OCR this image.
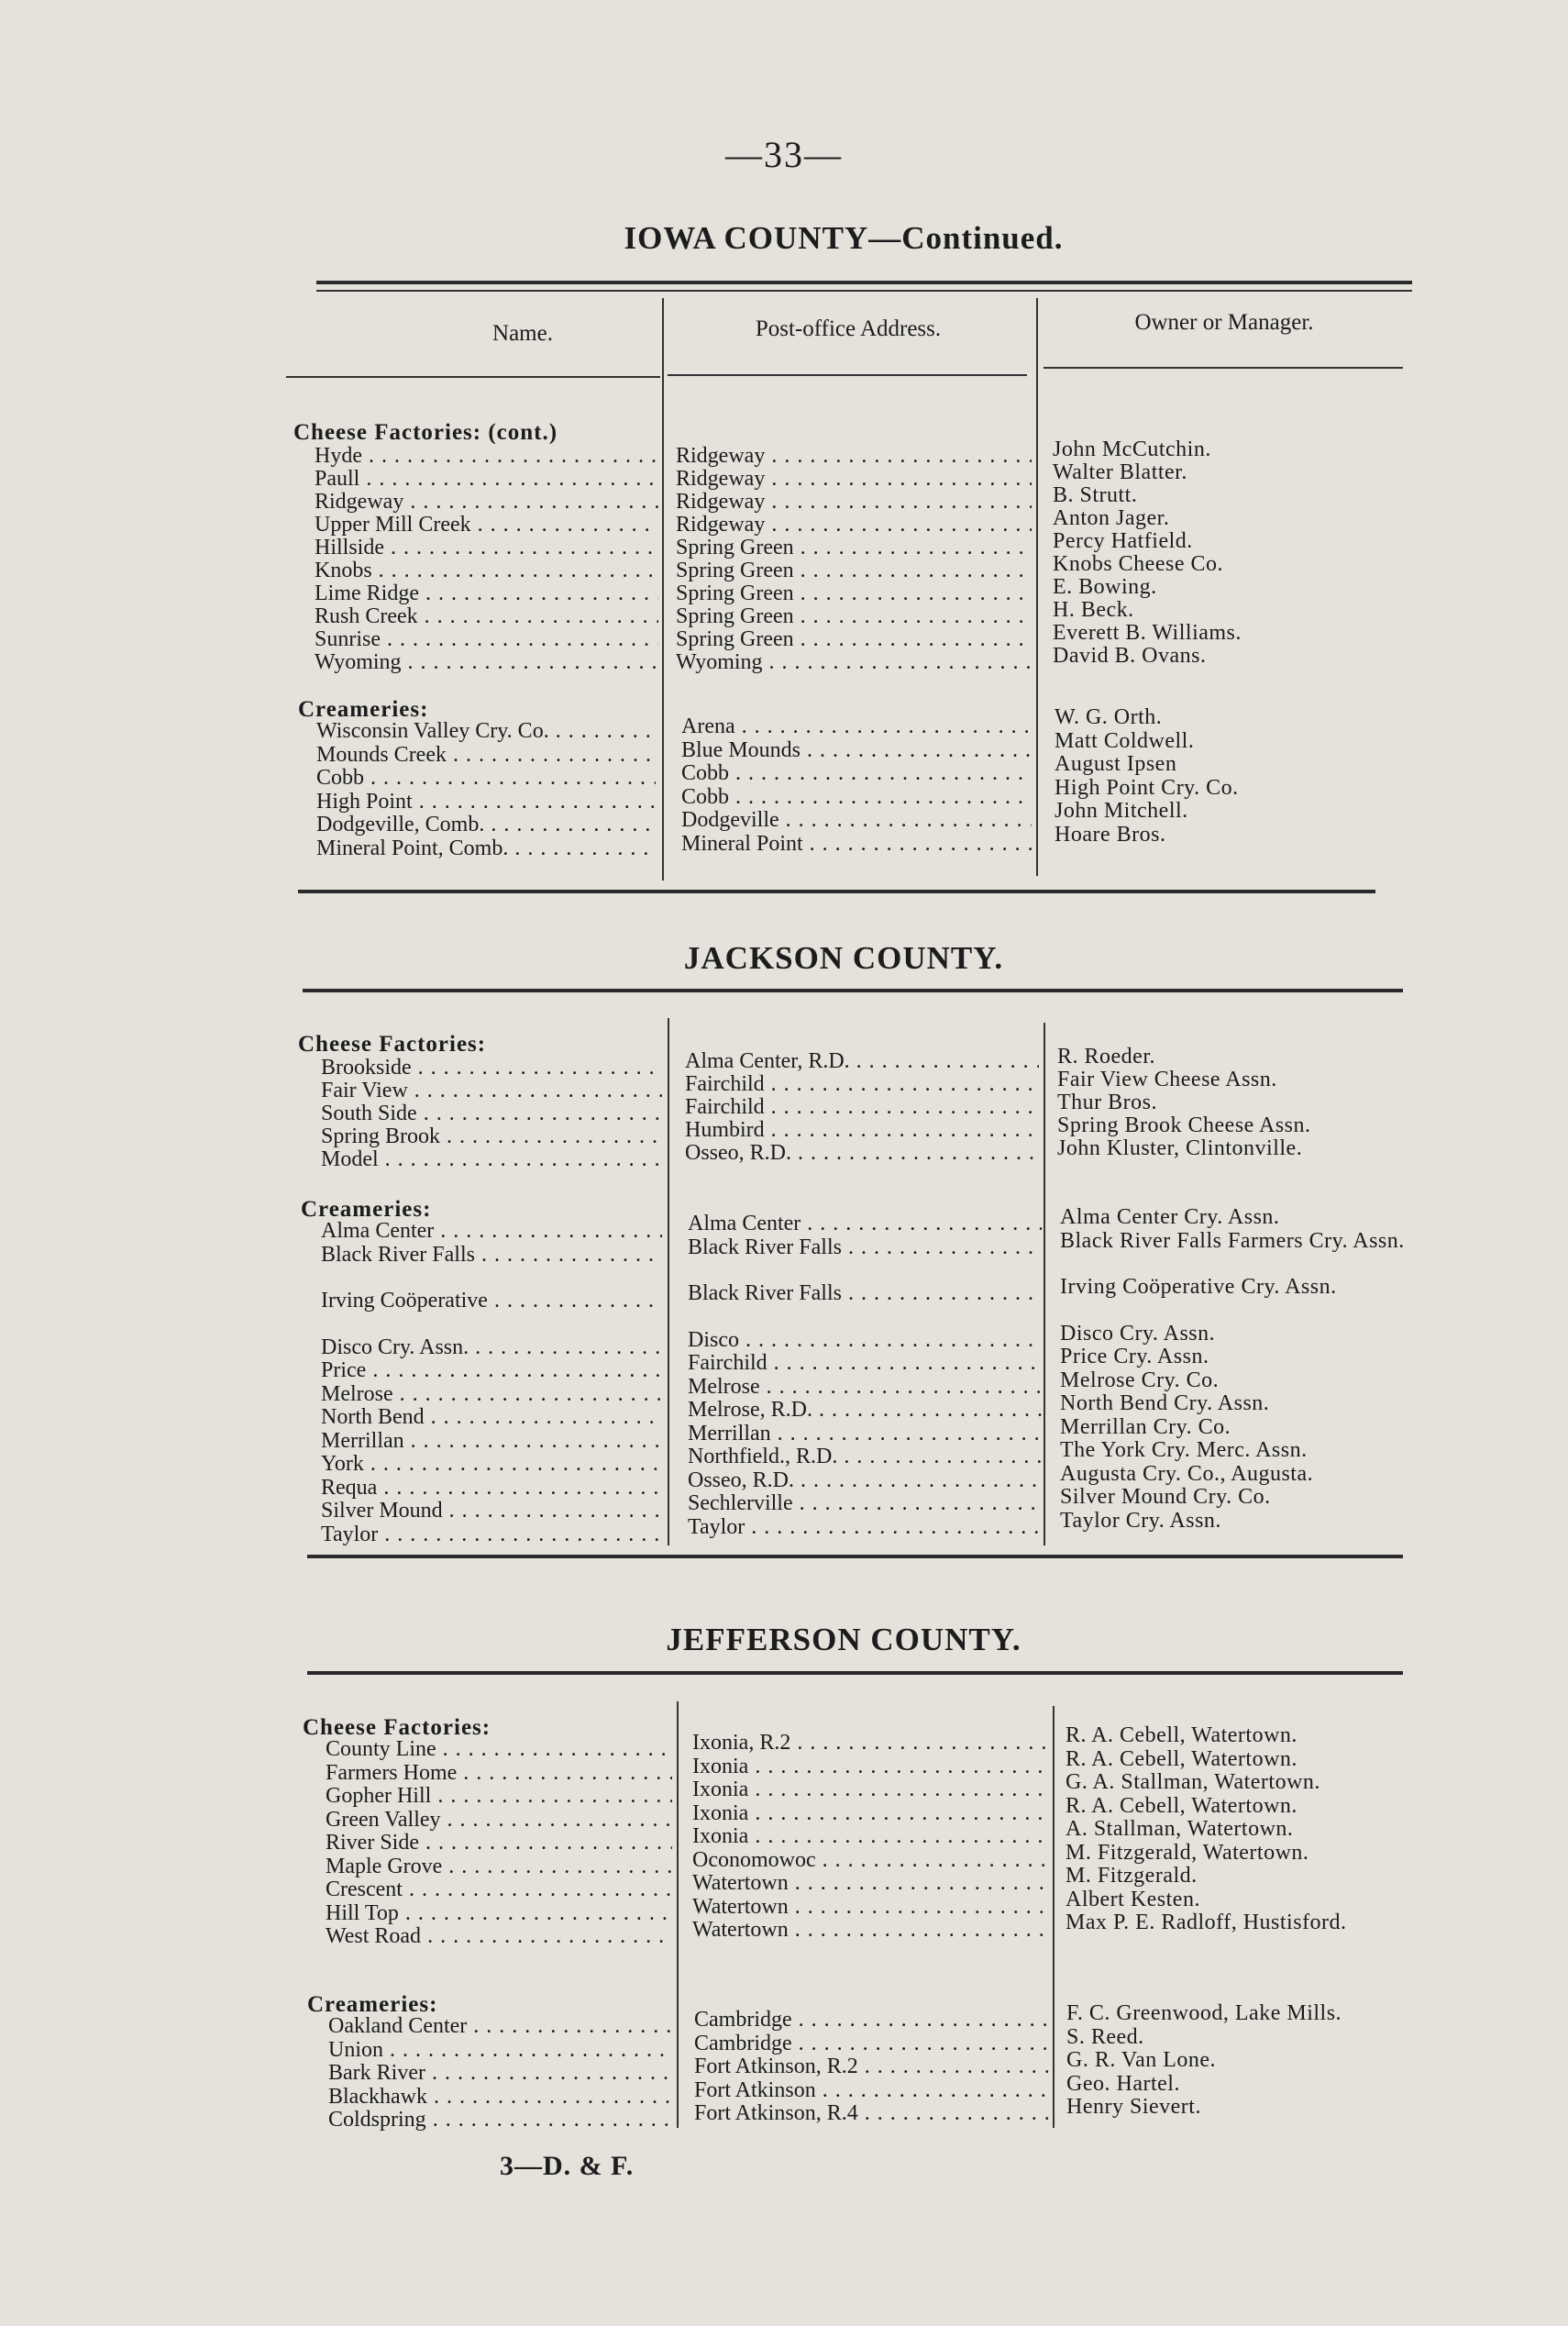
—33—
IOWA COUNTY—Continued.
Name.	Post-office Address.	Owner or Manager.
Cheese Factories: (cont.)
Hyde . . .	Ridgeway . . .	John McCutchin.
Paull . . .	Ridgeway . . .	Walter Blatter.
Ridgeway . . .	Ridgeway . . .	B. Strutt.
Upper Mill Creek . . .	Ridgeway . . .	Anton Jager.
Hillside . . .	Spring Green . . .	Percy Hatfield.
Knobs . . .	Spring Green . . .	Knobs Cheese Co.
Lime Ridge . . .	Spring Green . . .	E. Bowing.
Rush Creek . . .	Spring Green . . .	H. Beck.
Sunrise . . .	Spring Green . . .	Everett B. Williams.
Wyoming . . .	Wyoming . . .	David B. Ovans.
Creameries:
Wisconsin Valley Cry. Co. . . .	Arena . . .	W. G. Orth.
Mounds Creek . . .	Blue Mounds . . .	Matt Coldwell.
Cobb . . .	Cobb . . .	August Ipsen
High Point . . .	Cobb . . .	High Point Cry. Co.
Dodgeville, Comb. . . .	Dodgeville . . .	John Mitchell.
Mineral Point, Comb. . . .	Mineral Point . . .	Hoare Bros.
JACKSON COUNTY.
Cheese Factories:
Brookside . . .	Alma Center, R.D. . . .	R. Roeder.
Fair View . . .	Fairchild . . .	Fair View Cheese Assn.
South Side . . .	Fairchild . . .	Thur Bros.
Spring Brook . . .	Humbird . . .	Spring Brook Cheese Assn.
Model . . .	Osseo, R.D. . . .	John Kluster, Clintonville.
Creameries:
Alma Center . . .	Alma Center . . .	Alma Center Cry. Assn.
Black River Falls . . .	Black River Falls . . .	Black River Falls Farmers Cry. Assn.
Irving Coöperative . . .	Black River Falls . . .	Irving Coöperative Cry. Assn.
Disco Cry. Assn. . . .	Disco . . .	Disco Cry. Assn.
Price . . .	Fairchild . . .	Price Cry. Assn.
Melrose . . .	Melrose . . .	Melrose Cry. Co.
North Bend . . .	Melrose, R.D. . . .	North Bend Cry. Assn.
Merrillan . . .	Merrillan . . .	Merrillan Cry. Co.
York . . .	Northfield., R.D. . . .	The York Cry. Merc. Assn.
Requa . . .	Osseo, R.D. . . .	Augusta Cry. Co., Augusta.
Silver Mound . . .	Sechlerville . . .	Silver Mound Cry. Co.
Taylor . . .	Taylor . . .	Taylor Cry. Assn.
JEFFERSON COUNTY.
Cheese Factories:
County Line . . .	Ixonia, R.2 . . .	R. A. Cebell, Watertown.
Farmers Home . . .	Ixonia . . .	R. A. Cebell, Watertown.
Gopher Hill . . .	Ixonia . . .	G. A. Stallman, Watertown.
Green Valley . . .	Ixonia . . .	R. A. Cebell, Watertown.
River Side . . .	Ixonia . . .	A. Stallman, Watertown.
Maple Grove . . .	Oconomowoc . . .	M. Fitzgerald, Watertown.
Crescent . . .	Watertown . . .	M. Fitzgerald.
Hill Top . . .	Watertown . . .	Albert Kesten.
West Road . . .	Watertown . . .	Max P. E. Radloff, Hustisford.
Creameries:
Oakland Center . . .	Cambridge . . .	F. C. Greenwood, Lake Mills.
Union . . .	Cambridge . . .	S. Reed.
Bark River . . .	Fort Atkinson, R.2 . . .	G. R. Van Lone.
Blackhawk . . .	Fort Atkinson . . .	Geo. Hartel.
Coldspring . . .	Fort Atkinson, R.4 . . .	Henry Sievert.
3—D. & F.
